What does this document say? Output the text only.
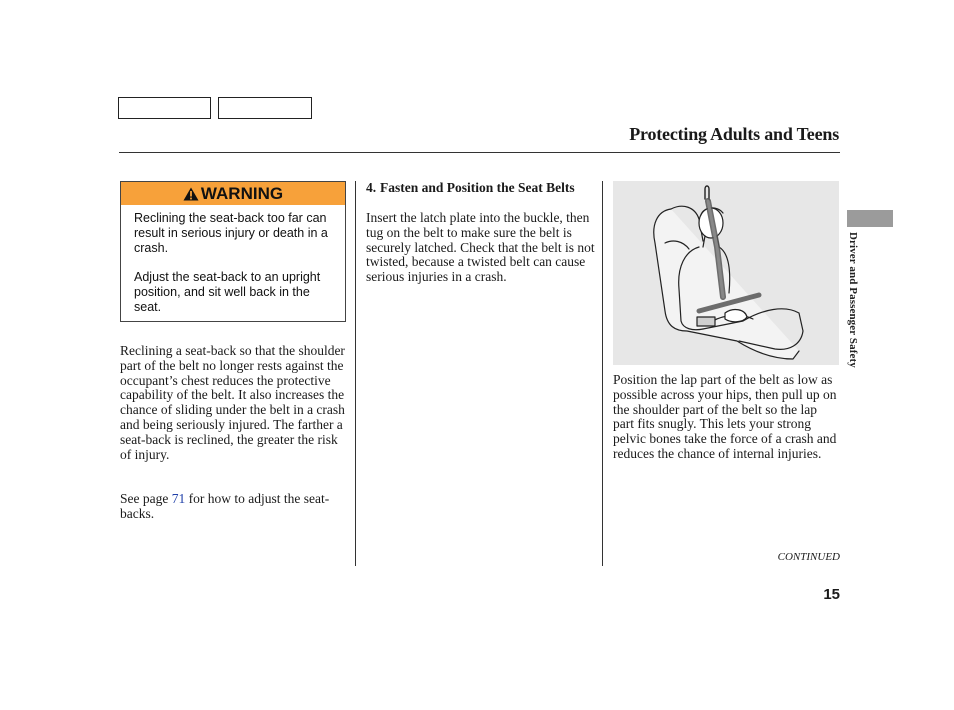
Protecting Adults and Teens
WARNING
Reclining the seat-back too far can result in serious injury or death in a crash.
Adjust the seat-back to an upright position, and sit well back in the seat.
Reclining a seat-back so that the shoulder part of the belt no longer rests against the occupant’s chest reduces the protective capability of the belt. It also increases the chance of sliding under the belt in a crash and being seriously injured. The farther a seat-back is reclined, the greater the risk of injury.
See page 71 for how to adjust the seat-backs.
4. Fasten and Position the Seat Belts
Insert the latch plate into the buckle, then tug on the belt to make sure the belt is securely latched. Check that the belt is not twisted, because a twisted belt can cause serious injuries in a crash.
Position the lap part of the belt as low as possible across your hips, then pull up on the shoulder part of the belt so the lap part fits snugly. This lets your strong pelvic bones take the force of a crash and reduces the chance of internal injuries.
Driver and Passenger Safety
CONTINUED
15
